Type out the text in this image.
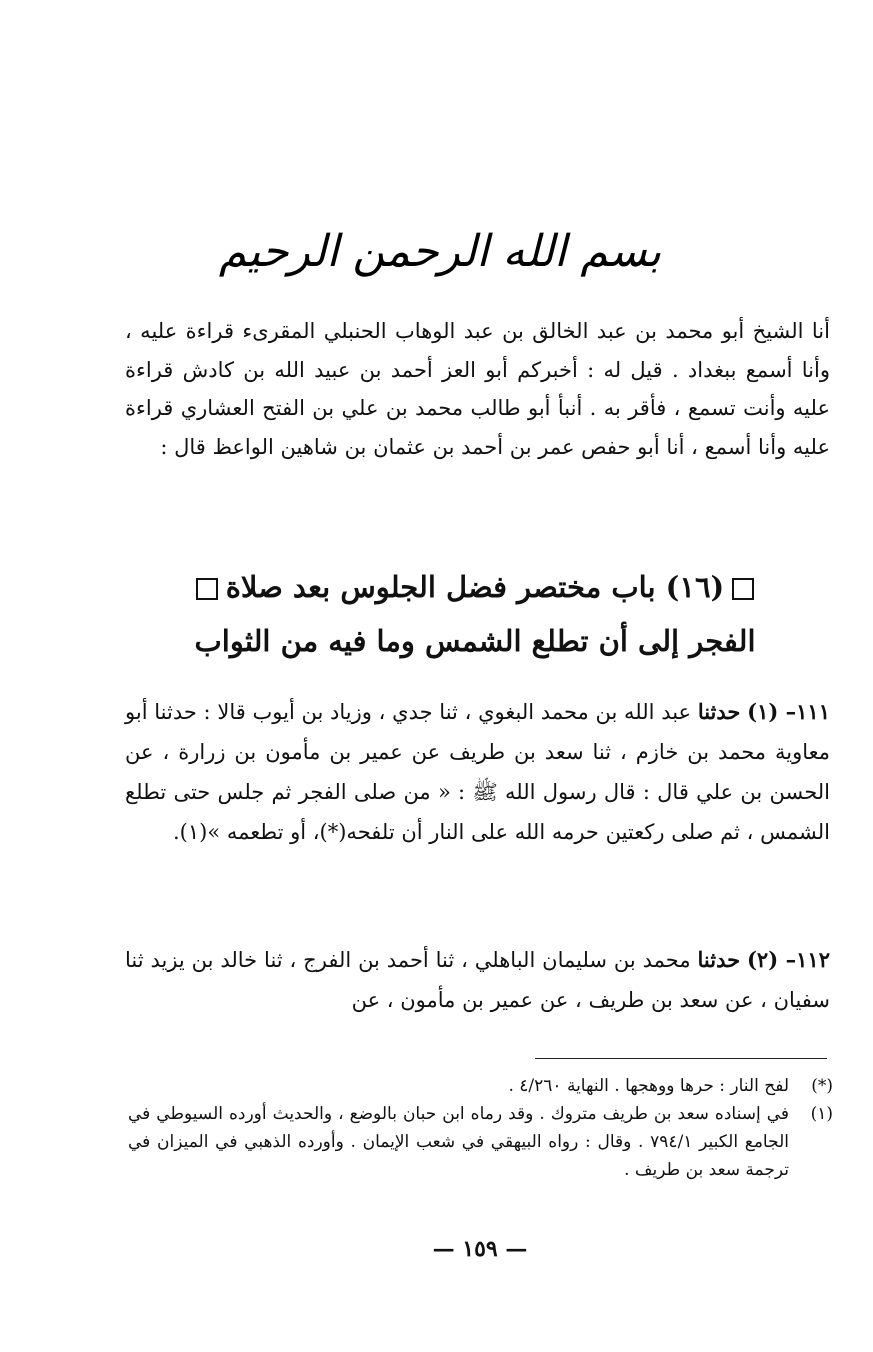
بسم الله الرحمن الرحيم

أنا الشيخ أبو محمد بن عبد الخالق بن عبد الوهاب الحنبلي المقرىء قراءة عليه ، وأنا أسمع ببغداد . قيل له : أخبركم أبو العز أحمد بن عبيد الله بن كادش قراءة عليه وأنت تسمع ، فأقر به . أنبأ أبو طالب محمد بن علي بن الفتح العشاري قراءة عليه وأنا أسمع ، أنا أبو حفص عمر بن أحمد بن عثمان بن شاهين الواعظ قال :

(١٦) باب مختصر فضل الجلوس بعد صلاة
الفجر إلى أن تطلع الشمس وما فيه من الثواب

١١١– (١) حدثنا عبد الله بن محمد البغوي ، ثنا جدي ، وزياد بن أيوب قالا : حدثنا أبو معاوية محمد بن خازم ، ثنا سعد بن طريف عن عمير بن مأمون بن زرارة ، عن الحسن بن علي قال : قال رسول الله ﷺ : « من صلى الفجر ثم جلس حتى تطلع الشمس ، ثم صلى ركعتين حرمه الله على النار أن تلفحه(*)، أو تطعمه »(١).

١١٢– (٢) حدثنا محمد بن سليمان الباهلي ، ثنا أحمد بن الفرج ، ثنا خالد بن يزيد ثنا سفيان ، عن سعد بن طريف ، عن عمير بن مأمون ، عن

(*)
لفح النار : حرها ووهجها . النهاية ٤/٢٦٠ .
(١)
في إسناده سعد بن طريف متروك . وقد رماه ابن حبان بالوضع ، والحديث أورده السيوطي في الجامع الكبير ٧٩٤/١ . وقال : رواه البيهقي في شعب الإيمان . وأورده الذهبي في الميزان في ترجمة سعد بن طريف .
— ١٥٩ —
